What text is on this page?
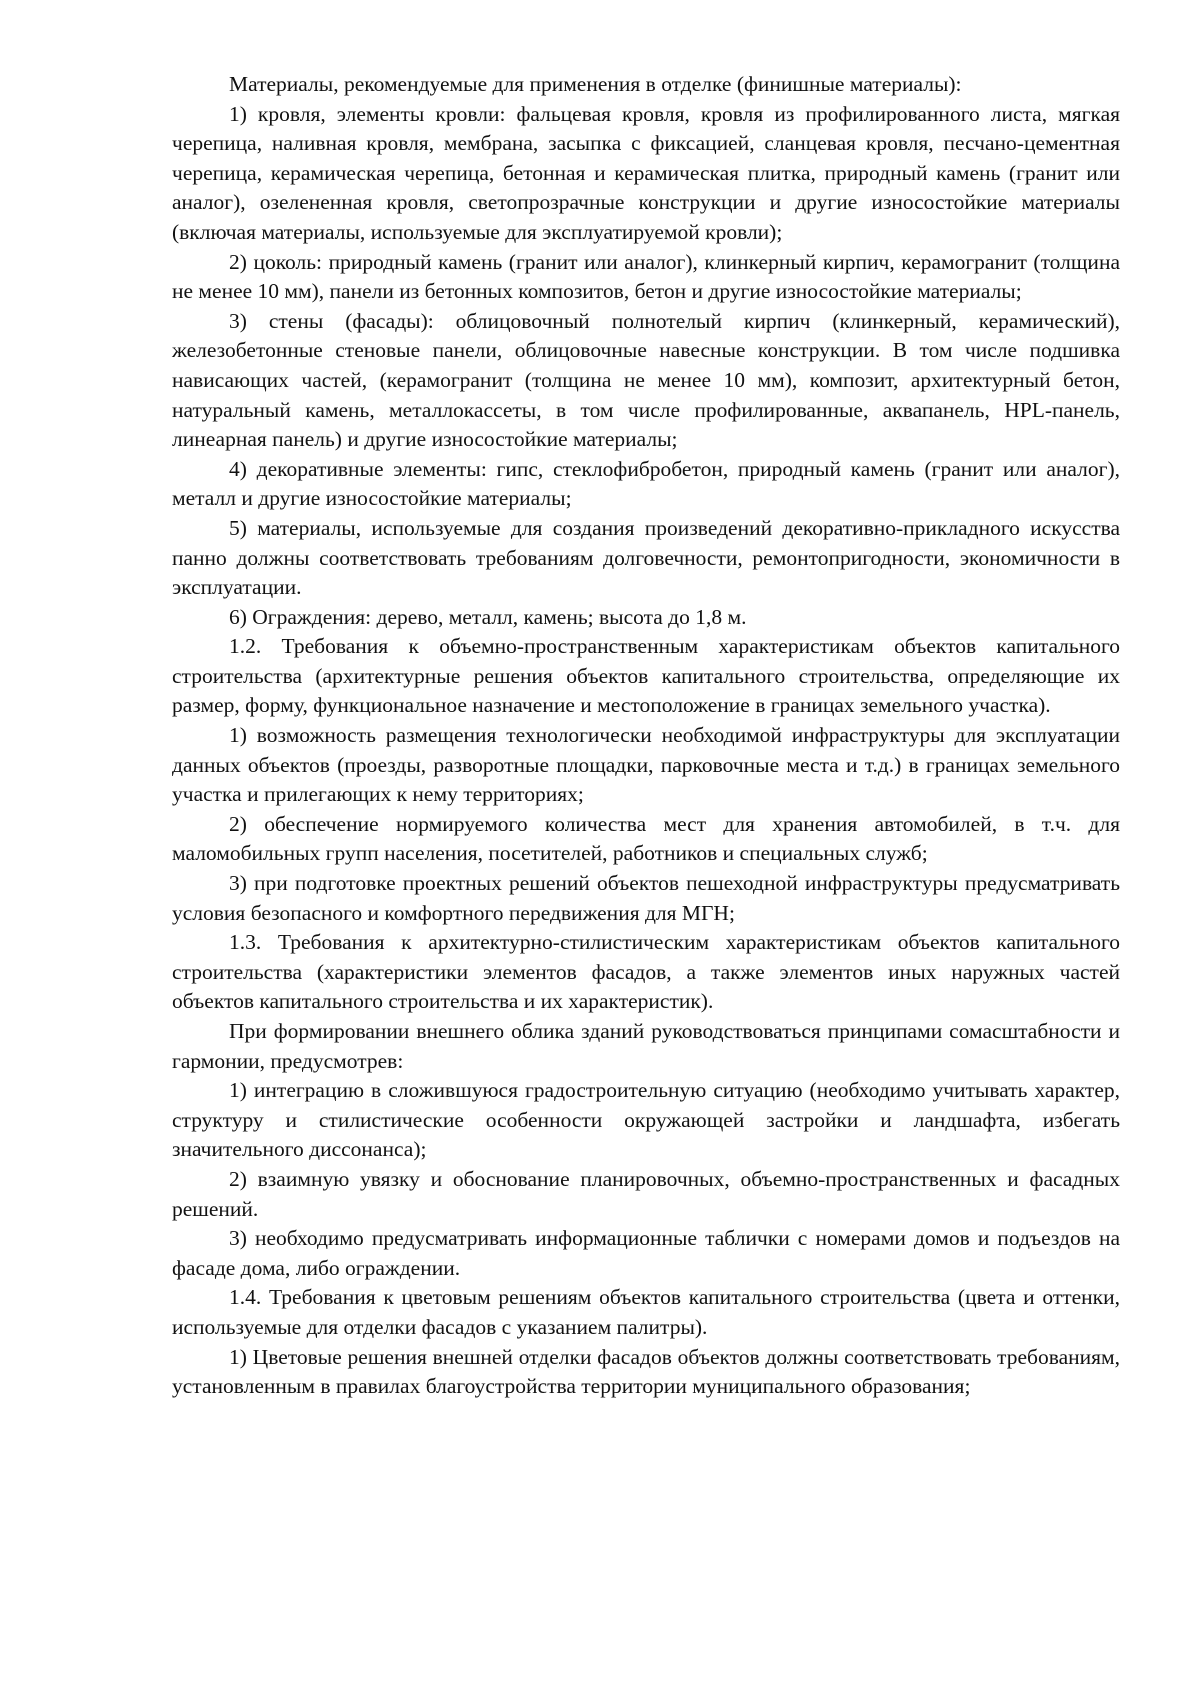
Материалы, рекомендуемые для применения в отделке (финишные материалы):

1) кровля, элементы кровли: фальцевая кровля, кровля из профилированного листа, мягкая черепица, наливная кровля, мембрана, засыпка с фиксацией, сланцевая кровля, песчано-цементная черепица, керамическая черепица, бетонная и керамическая плитка, природный камень (гранит или аналог), озелененная кровля, светопрозрачные конструкции и другие износостойкие материалы (включая материалы, используемые для эксплуатируемой кровли);

2) цоколь: природный камень (гранит или аналог), клинкерный кирпич, керамогранит (толщина не менее 10 мм), панели из бетонных композитов, бетон и другие износостойкие материалы;

3) стены (фасады): облицовочный полнотелый кирпич (клинкерный, керамический), железобетонные стеновые панели, облицовочные навесные конструкции. В том числе подшивка нависающих частей, (керамогранит (толщина не менее 10 мм), композит, архитектурный бетон, натуральный камень, металлокассеты, в том числе профилированные, аквапанель, HPL-панель, линеарная панель) и другие износостойкие материалы;

4) декоративные элементы: гипс, стеклофибробетон, природный камень (гранит или аналог), металл и другие износостойкие материалы;

5) материалы, используемые для создания произведений декоративно-прикладного искусства панно должны соответствовать требованиям долговечности, ремонтопригодности, экономичности в эксплуатации.

6) Ограждения: дерево, металл, камень; высота до 1,8 м.

1.2. Требования к объемно-пространственным характеристикам объектов капитального строительства (архитектурные решения объектов капитального строительства, определяющие их размер, форму, функциональное назначение и местоположение в границах земельного участка).

1) возможность размещения технологически необходимой инфраструктуры для эксплуатации данных объектов (проезды, разворотные площадки, парковочные места и т.д.) в границах земельного участка и прилегающих к нему территориях;

2) обеспечение нормируемого количества мест для хранения автомобилей, в т.ч. для маломобильных групп населения, посетителей, работников и специальных служб;

3) при подготовке проектных решений объектов пешеходной инфраструктуры предусматривать условия безопасного и комфортного передвижения для МГН;

1.3. Требования к архитектурно-стилистическим характеристикам объектов капитального строительства (характеристики элементов фасадов, а также элементов иных наружных частей объектов капитального строительства и их характеристик).

При формировании внешнего облика зданий руководствоваться принципами сомасштабности и гармонии, предусмотрев:

1) интеграцию в сложившуюся градостроительную ситуацию (необходимо учитывать характер, структуру и стилистические особенности окружающей застройки и ландшафта, избегать значительного диссонанса);

2) взаимную увязку и обоснование планировочных, объемно-пространственных и фасадных решений.

3) необходимо предусматривать информационные таблички с номерами домов и подъездов на фасаде дома, либо ограждении.

1.4. Требования к цветовым решениям объектов капитального строительства (цвета и оттенки, используемые для отделки фасадов с указанием палитры).

1) Цветовые решения внешней отделки фасадов объектов должны соответствовать требованиям, установленным в правилах благоустройства территории муниципального образования;
